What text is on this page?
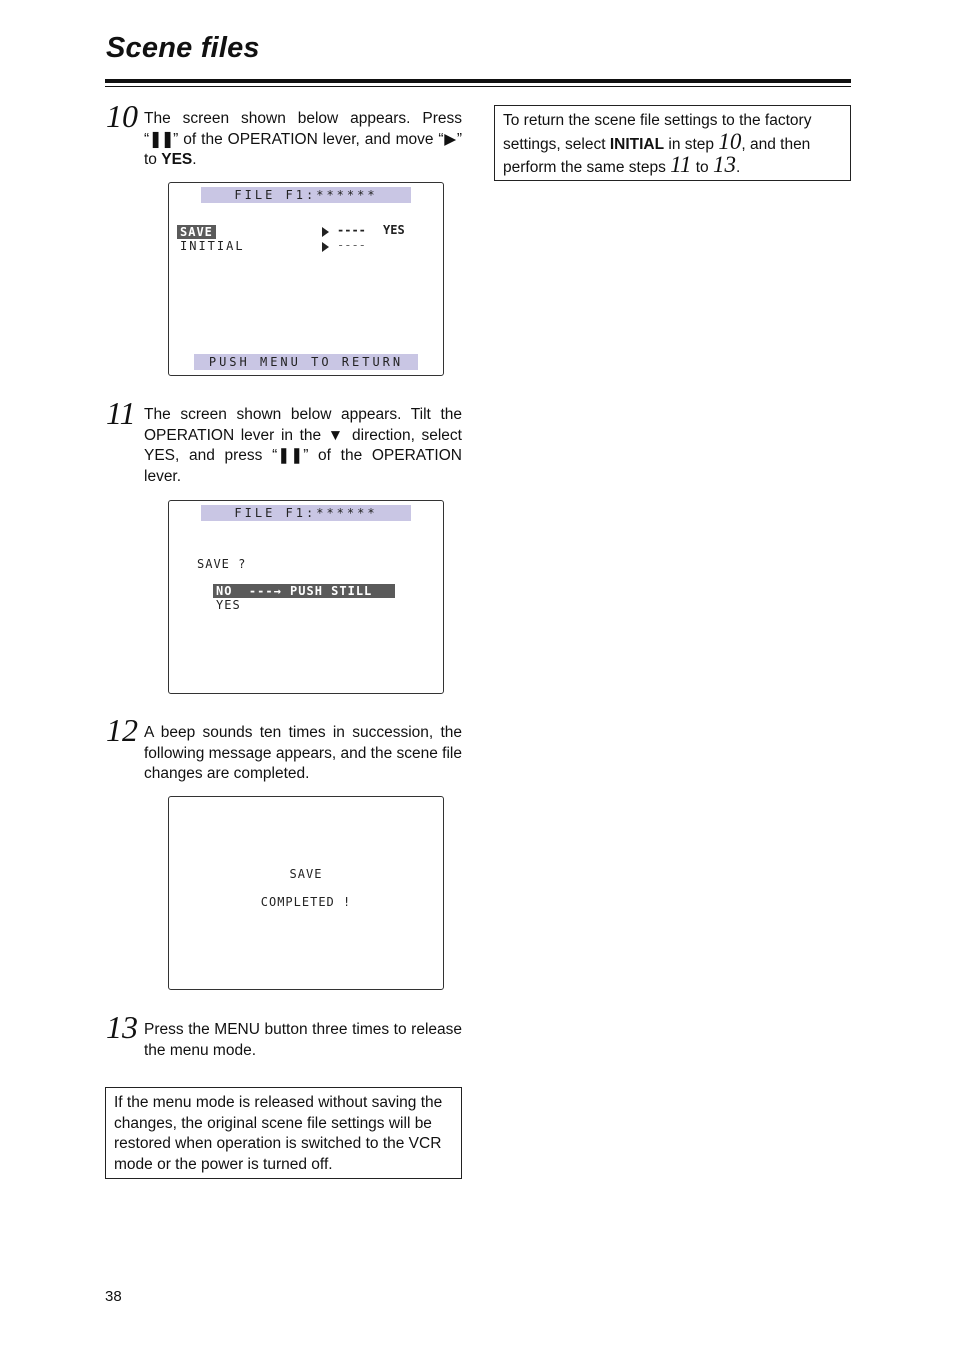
Scene files
10 The screen shown below appears. Press “❚❚” of the OPERATION lever, and move “▶” to YES.
FILE F1:******
SAVE
INITIAL
---- YES
----
PUSH MENU TO RETURN
11 The screen shown below appears. Tilt the OPERATION lever in the ▼ direction, select YES, and press “❚❚” of the OPERATION lever.
FILE F1:******
SAVE ?
NO  ---→ PUSH STILL
YES
12 A beep sounds ten times in succession, the following message appears, and the scene file changes are completed.
SAVE
COMPLETED !
13 Press the MENU button three times to release the menu mode.
If the menu mode is released without saving the changes, the original scene file settings will be restored when operation is switched to the VCR mode or the power is turned off.
To return the scene file settings to the factory settings, select INITIAL in step 10, and then perform the same steps 11 to 13.
38
